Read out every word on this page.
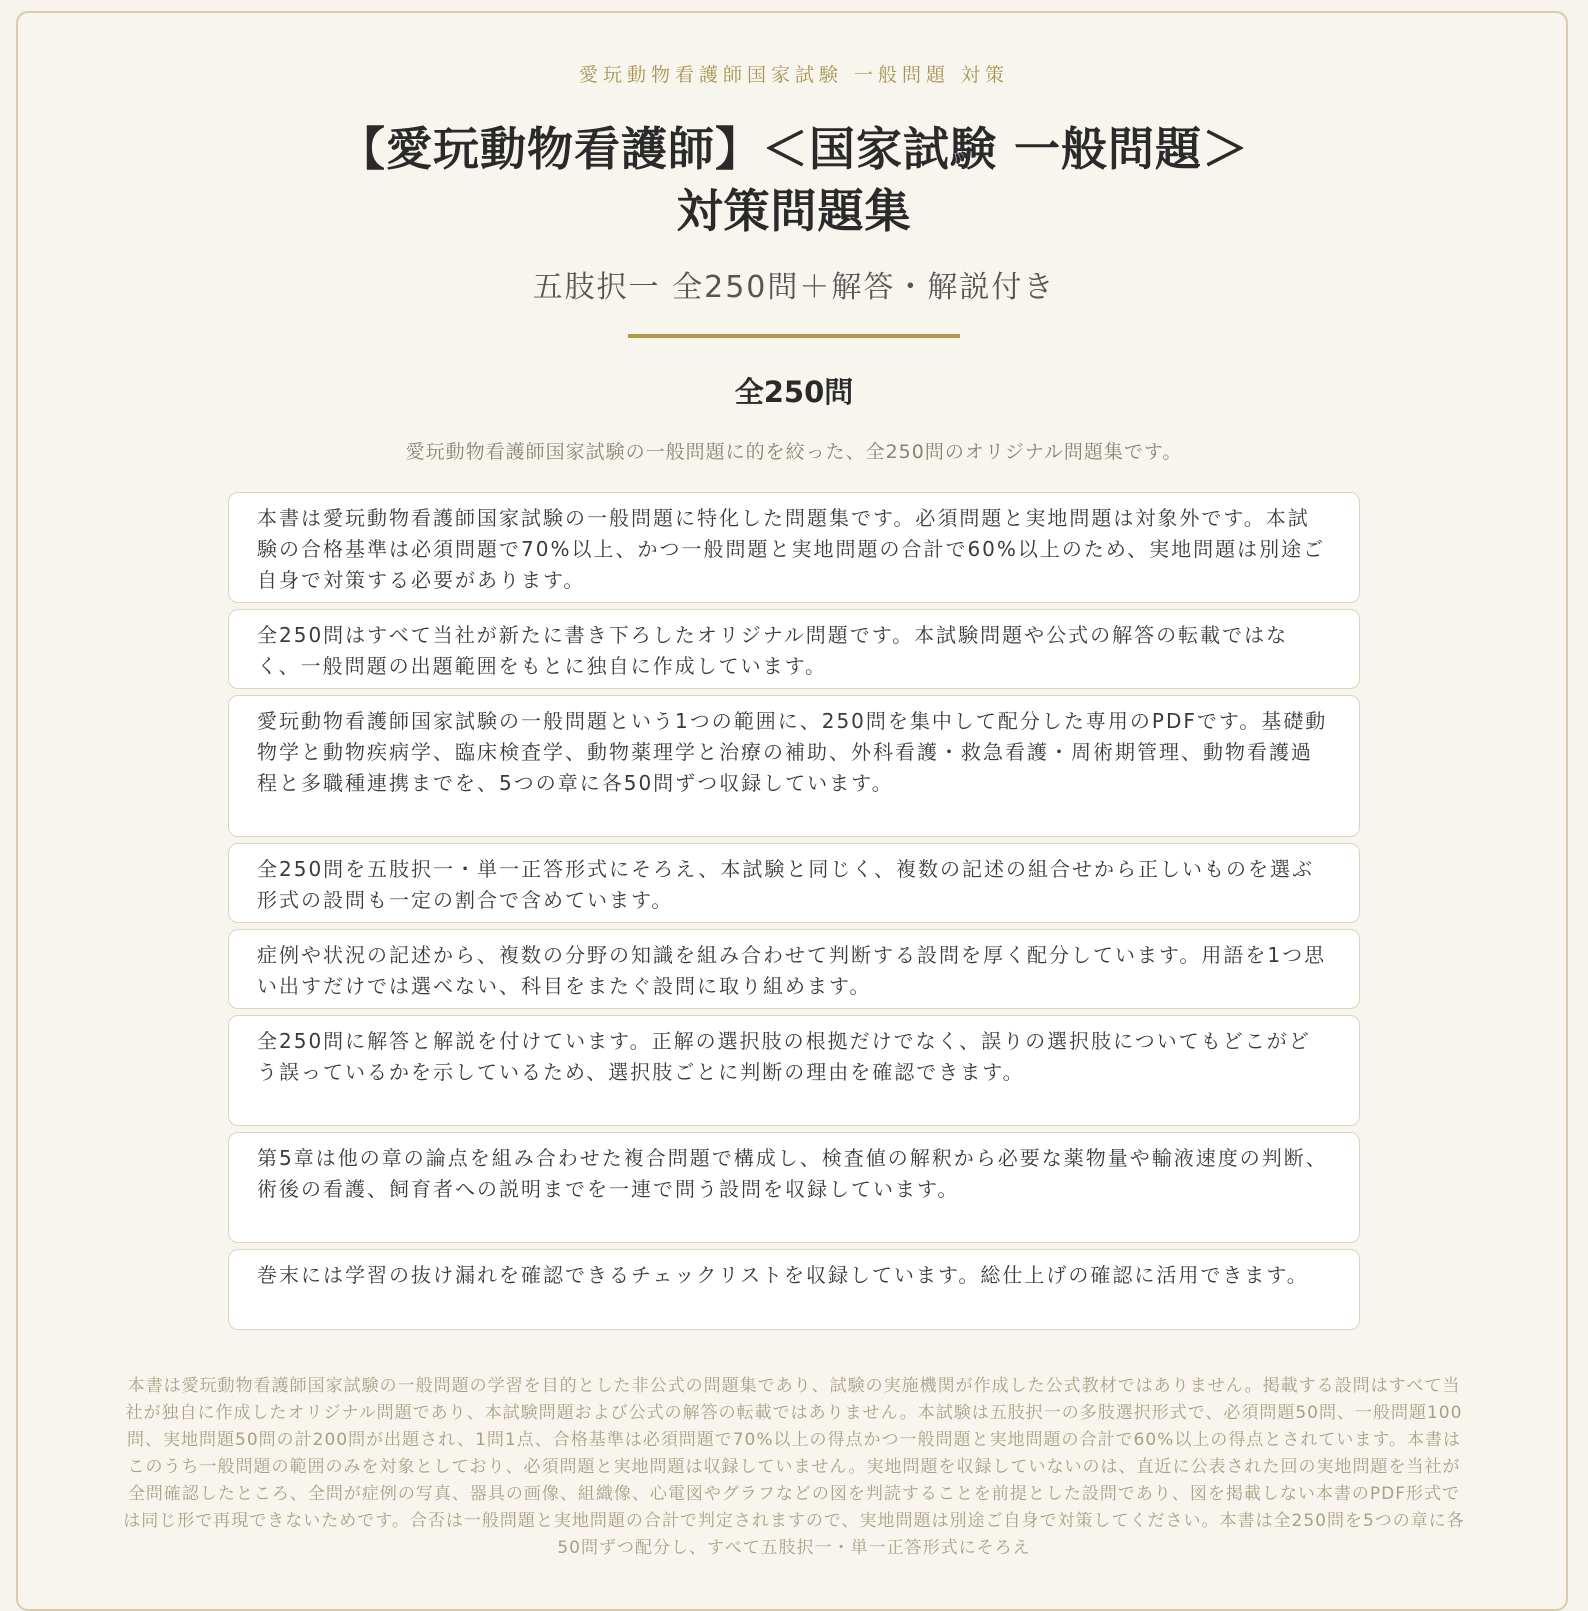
愛玩動物看護師国家試験 一般問題 対策
【愛玩動物看護師】＜国家試験 一般問題＞
対策問題集
五肢択一 全250問＋解答・解説付き
全250問
愛玩動物看護師国家試験の一般問題に的を絞った、全250問のオリジナル問題集です。
本書は愛玩動物看護師国家試験の一般問題に特化した問題集です。必須問題と実地問題は対象外です。本試験の合格基準は必須問題で70%以上、かつ一般問題と実地問題の合計で60%以上のため、実地問題は別途ご自身で対策する必要があります。
全250問はすべて当社が新たに書き下ろしたオリジナル問題です。本試験問題や公式の解答の転載ではなく、一般問題の出題範囲をもとに独自に作成しています。
愛玩動物看護師国家試験の一般問題という1つの範囲に、250問を集中して配分した専用のPDFです。基礎動物学と動物疾病学、臨床検査学、動物薬理学と治療の補助、外科看護・救急看護・周術期管理、動物看護過程と多職種連携までを、5つの章に各50問ずつ収録しています。
全250問を五肢択一・単一正答形式にそろえ、本試験と同じく、複数の記述の組合せから正しいものを選ぶ形式の設問も一定の割合で含めています。
症例や状況の記述から、複数の分野の知識を組み合わせて判断する設問を厚く配分しています。用語を1つ思い出すだけでは選べない、科目をまたぐ設問に取り組めます。
全250問に解答と解説を付けています。正解の選択肢の根拠だけでなく、誤りの選択肢についてもどこがどう誤っているかを示しているため、選択肢ごとに判断の理由を確認できます。
第5章は他の章の論点を組み合わせた複合問題で構成し、検査値の解釈から必要な薬物量や輸液速度の判断、術後の看護、飼育者への説明までを一連で問う設問を収録しています。
巻末には学習の抜け漏れを確認できるチェックリストを収録しています。総仕上げの確認に活用できます。
本書は愛玩動物看護師国家試験の一般問題の学習を目的とした非公式の問題集であり、試験の実施機関が作成した公式教材ではありません。掲載する設問はすべて当社が独自に作成したオリジナル問題であり、本試験問題および公式の解答の転載ではありません。本試験は五肢択一の多肢選択形式で、必須問題50問、一般問題100問、実地問題50問の計200問が出題され、1問1点、合格基準は必須問題で70%以上の得点かつ一般問題と実地問題の合計で60%以上の得点とされています。本書はこのうち一般問題の範囲のみを対象としており、必須問題と実地問題は収録していません。実地問題を収録していないのは、直近に公表された回の実地問題を当社が全問確認したところ、全問が症例の写真、器具の画像、組織像、心電図やグラフなどの図を判読することを前提とした設問であり、図を掲載しない本書のPDF形式では同じ形で再現できないためです。合否は一般問題と実地問題の合計で判定されますので、実地問題は別途ご自身で対策してください。本書は全250問を5つの章に各50問ずつ配分し、すべて五肢択一・単一正答形式にそろえ
